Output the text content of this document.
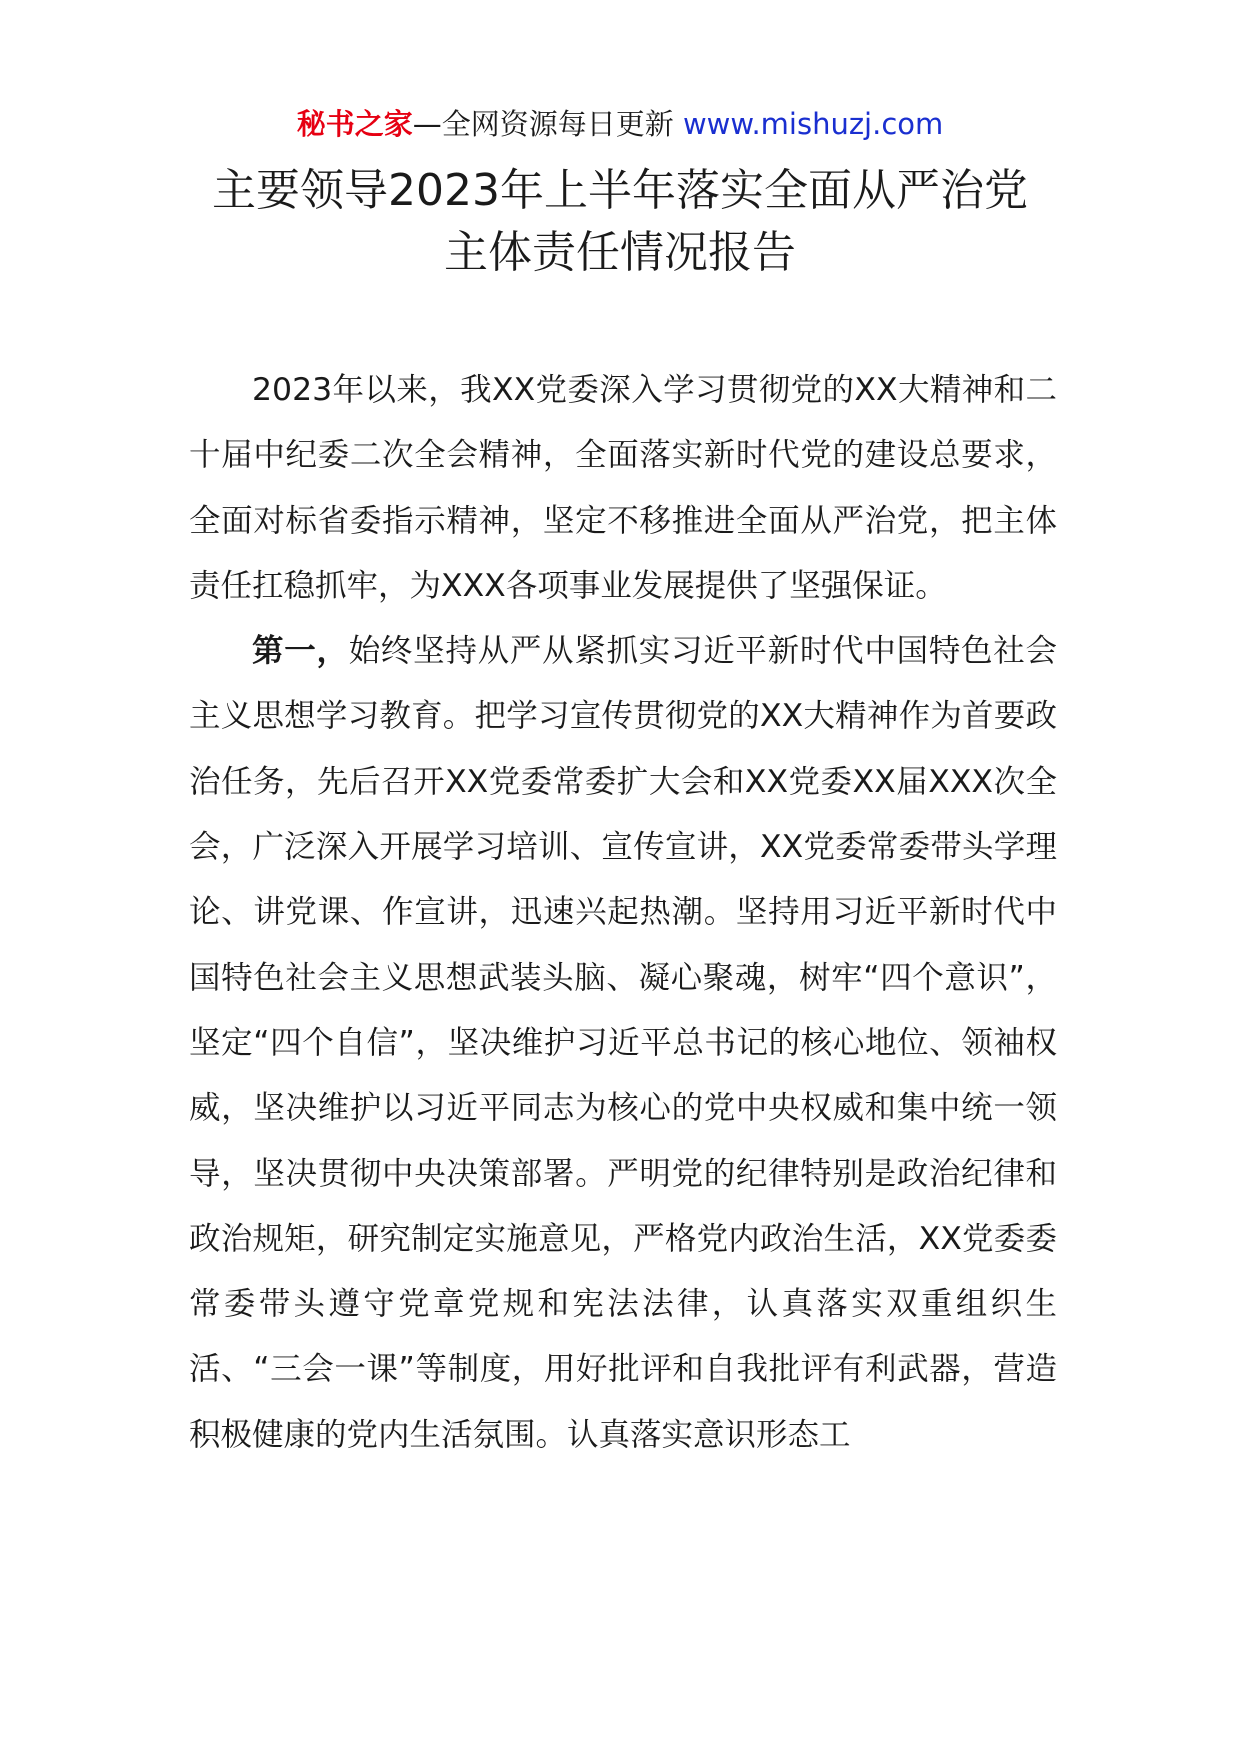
秘书之家—全网资源每日更新 www.mishuzj.com
主要领导2023年上半年落实全面从严治党
主体责任情况报告

2023年以来，我XX党委深入学习贯彻党的XX大精神和二十届中纪委二次全会精神，全面落实新时代党的建设总要求，全面对标省委指示精神，坚定不移推进全面从严治党，把主体责任扛稳抓牢，为XXX各项事业发展提供了坚强保证。

第一，始终坚持从严从紧抓实习近平新时代中国特色社会主义思想学习教育。把学习宣传贯彻党的XX大精神作为首要政治任务，先后召开XX党委常委扩大会和XX党委XX届XXX次全会，广泛深入开展学习培训、宣传宣讲，XX党委常委带头学理论、讲党课、作宣讲，迅速兴起热潮。坚持用习近平新时代中国特色社会主义思想武装头脑、凝心聚魂，树牢“四个意识”，坚定“四个自信”，坚决维护习近平总书记的核心地位、领袖权威，坚决维护以习近平同志为核心的党中央权威和集中统一领导，坚决贯彻中央决策部署。严明党的纪律特别是政治纪律和政治规矩，研究制定实施意见，严格党内政治生活，XX党委委常委带头遵守党章党规和宪法法律，认真落实双重组织生活、“三会一课”等制度，用好批评和自我批评有利武器，营造积极健康的党内生活氛围。认真落实意识形态工
